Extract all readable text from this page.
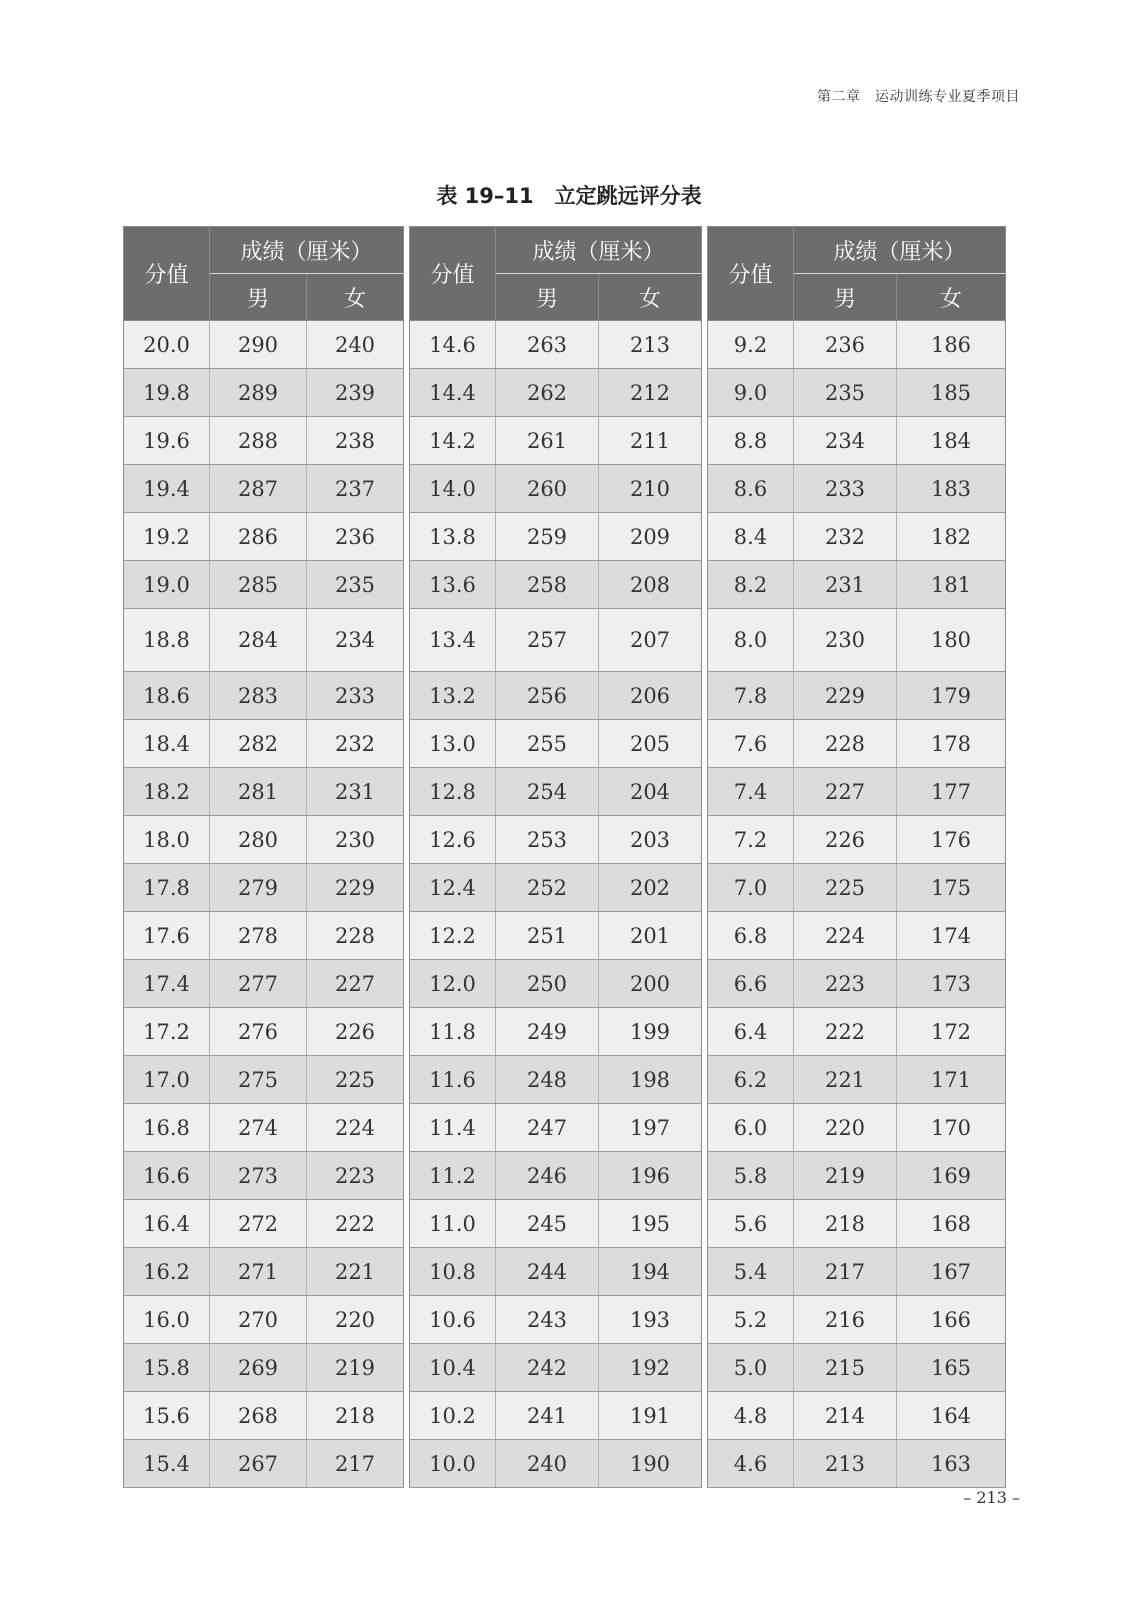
第二章　运动训练专业夏季项目
表 19–11　立定跳远评分表
分值	成绩（厘米）	
	男	女
20.0	290	240
19.8	289	239
19.6	288	238
19.4	287	237
19.2	286	236
19.0	285	235
18.8	284	234
18.6	283	233
18.4	282	232
18.2	281	231
18.0	280	230
17.8	279	229
17.6	278	228
17.4	277	227
17.2	276	226
17.0	275	225
16.8	274	224
16.6	273	223
16.4	272	222
16.2	271	221
16.0	270	220
15.8	269	219
15.6	268	218
15.4	267	217
分值	成绩（厘米）	
	男	女
14.6	263	213
14.4	262	212
14.2	261	211
14.0	260	210
13.8	259	209
13.6	258	208
13.4	257	207
13.2	256	206
13.0	255	205
12.8	254	204
12.6	253	203
12.4	252	202
12.2	251	201
12.0	250	200
11.8	249	199
11.6	248	198
11.4	247	197
11.2	246	196
11.0	245	195
10.8	244	194
10.6	243	193
10.4	242	192
10.2	241	191
10.0	240	190
分值	成绩（厘米）	
	男	女
9.2	236	186
9.0	235	185
8.8	234	184
8.6	233	183
8.4	232	182
8.2	231	181
8.0	230	180
7.8	229	179
7.6	228	178
7.4	227	177
7.2	226	176
7.0	225	175
6.8	224	174
6.6	223	173
6.4	222	172
6.2	221	171
6.0	220	170
5.8	219	169
5.6	218	168
5.4	217	167
5.2	216	166
5.0	215	165
4.8	214	164
4.6	213	163
– 213 –
